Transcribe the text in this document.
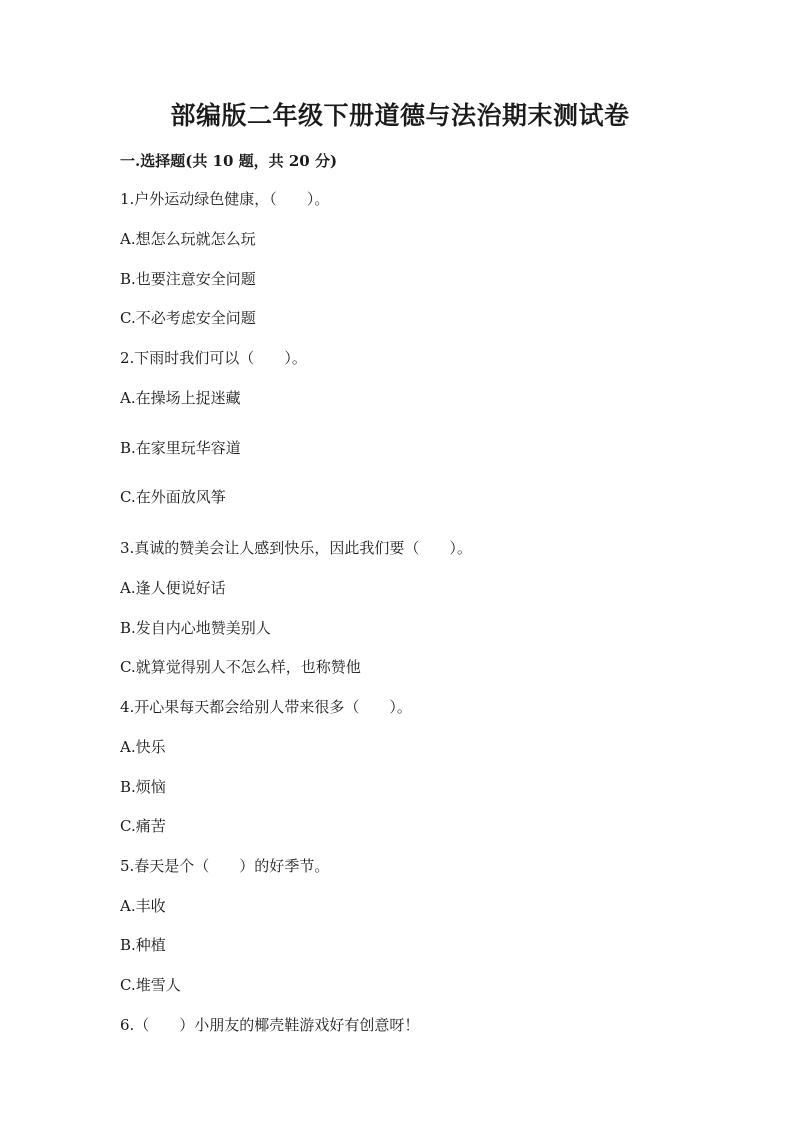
部编版二年级下册道德与法治期末测试卷
一.选择题(共 10 题，共 20 分)

1.户外运动绿色健康，（　　）。

A.想怎么玩就怎么玩

B.也要注意安全问题

C.不必考虑安全问题

2.下雨时我们可以（　　）。

A.在操场上捉迷藏

B.在家里玩华容道

C.在外面放风筝

3.真诚的赞美会让人感到快乐，因此我们要（　　）。

A.逢人便说好话

B.发自内心地赞美别人

C.就算觉得别人不怎么样，也称赞他

4.开心果每天都会给别人带来很多（　　）。

A.快乐

B.烦恼

C.痛苦

5.春天是个（　　）的好季节。

A.丰收

B.种植

C.堆雪人

6.（　　）小朋友的椰壳鞋游戏好有创意呀！
